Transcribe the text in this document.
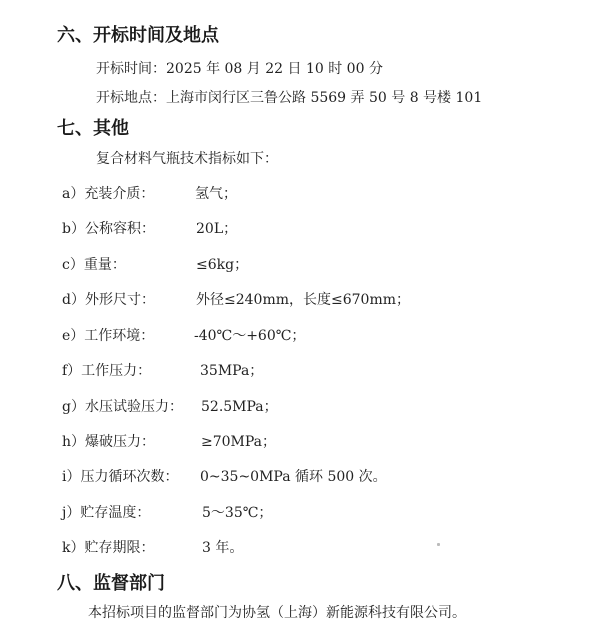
六、开标时间及地点
开标时间：2025 年 08 月 22 日 10 时 00 分
开标地点：上海市闵行区三鲁公路 5569 弄 50 号 8 号楼 101
七、其他
复合材料气瓶技术指标如下：
a）充装介质：	氢气；
b）公称容积：	20L；
c）重量：	≤6kg；
d）外形尺寸：	外径≤240mm，长度≤670mm；
e）工作环境：	-40℃～+60℃；
f）工作压力：	35MPa；
g）水压试验压力： 52.5MPa；
h）爆破压力：	≥70MPa；
i）压力循环次数： 0~35~0MPa 循环 500 次。
j）贮存温度：	5～35℃；
k）贮存期限：	3 年。
八、监督部门
本招标项目的监督部门为协氢（上海）新能源科技有限公司。
